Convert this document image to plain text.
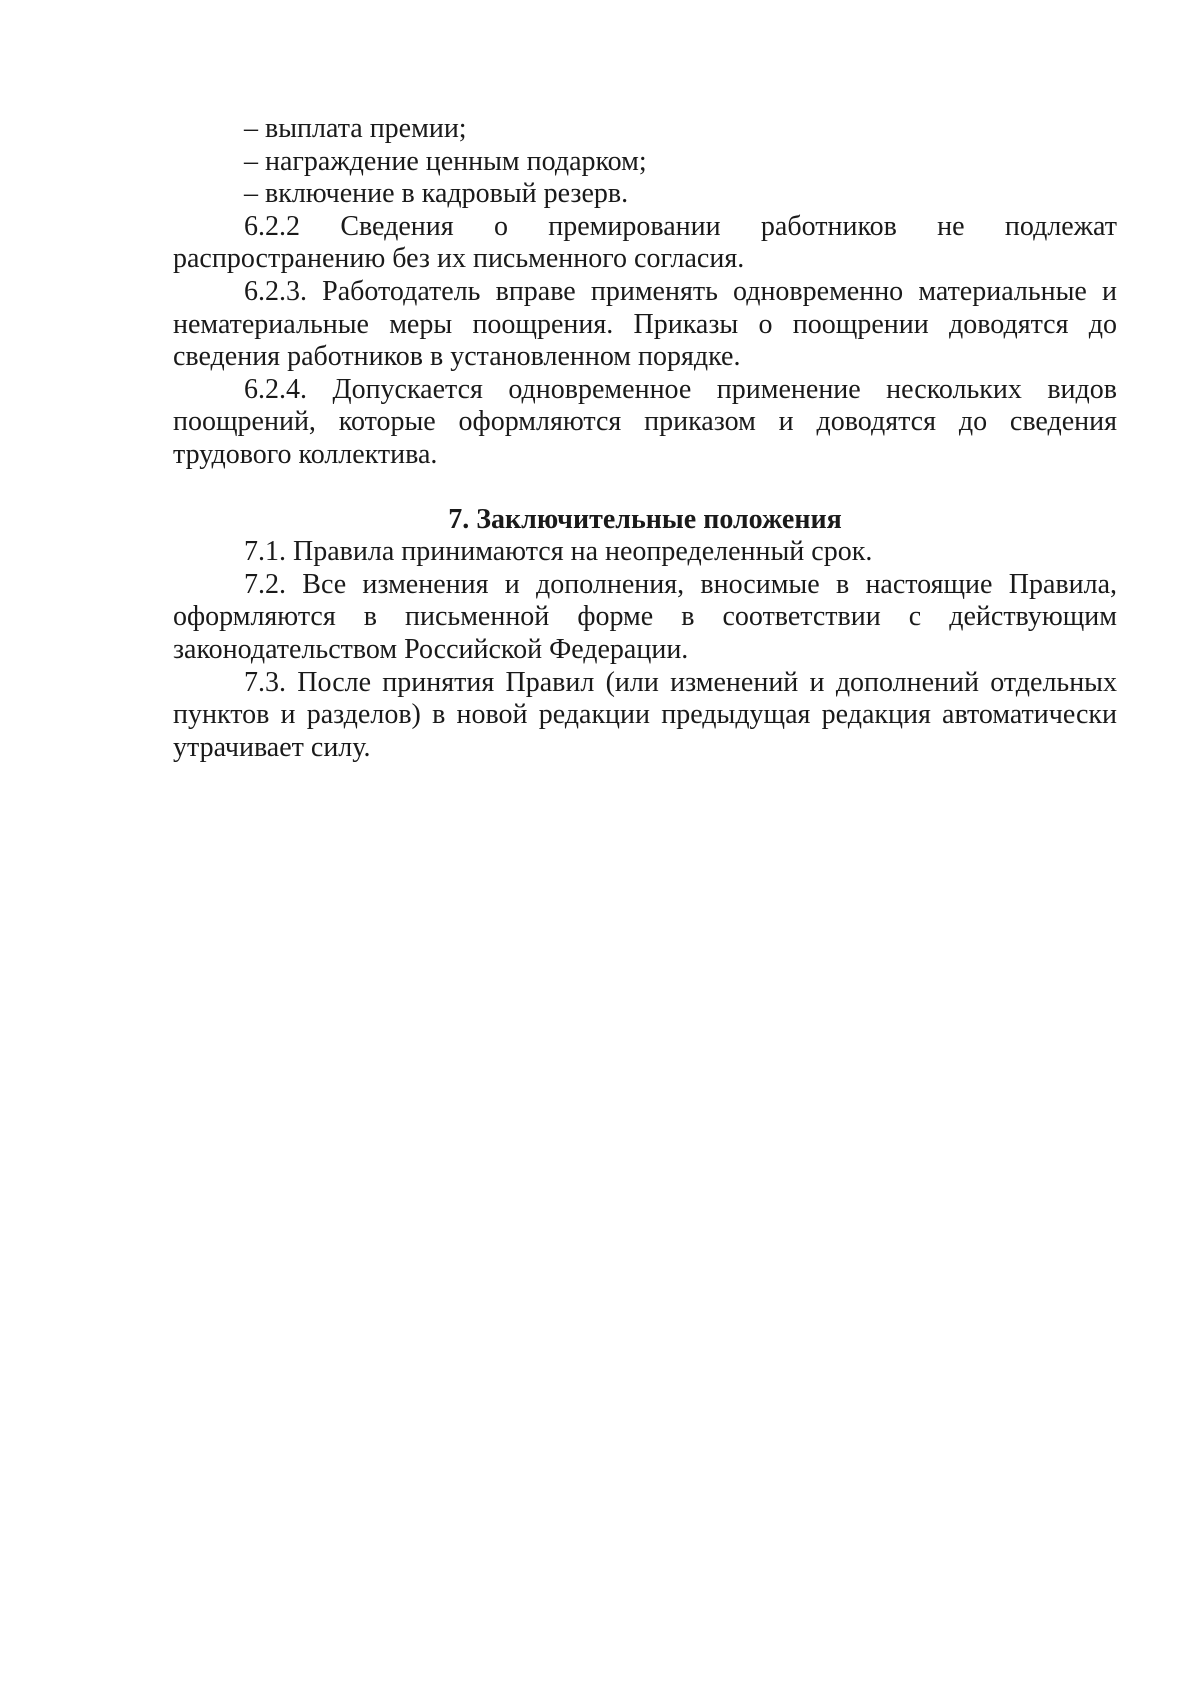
– выплата премии;

– награждение ценным подарком;

– включение в кадровый резерв.

6.2.2 Сведения о премировании работников не подлежат распространению без их письменного согласия.

6.2.3. Работодатель вправе применять одновременно материальные и нематериальные меры поощрения. Приказы о поощрении доводятся до сведения работников в установленном порядке.

6.2.4. Допускается одновременное применение нескольких видов поощрений, которые оформляются приказом и доводятся до сведения трудового коллектива.

7. Заключительные положения

7.1. Правила принимаются на неопределенный срок.

7.2. Все изменения и дополнения, вносимые в настоящие Правила, оформляются в письменной форме в соответствии с действующим законодательством Российской Федерации.

7.3. После принятия Правил (или изменений и дополнений отдельных пунктов и разделов) в новой редакции предыдущая редакция автоматически утрачивает силу.
